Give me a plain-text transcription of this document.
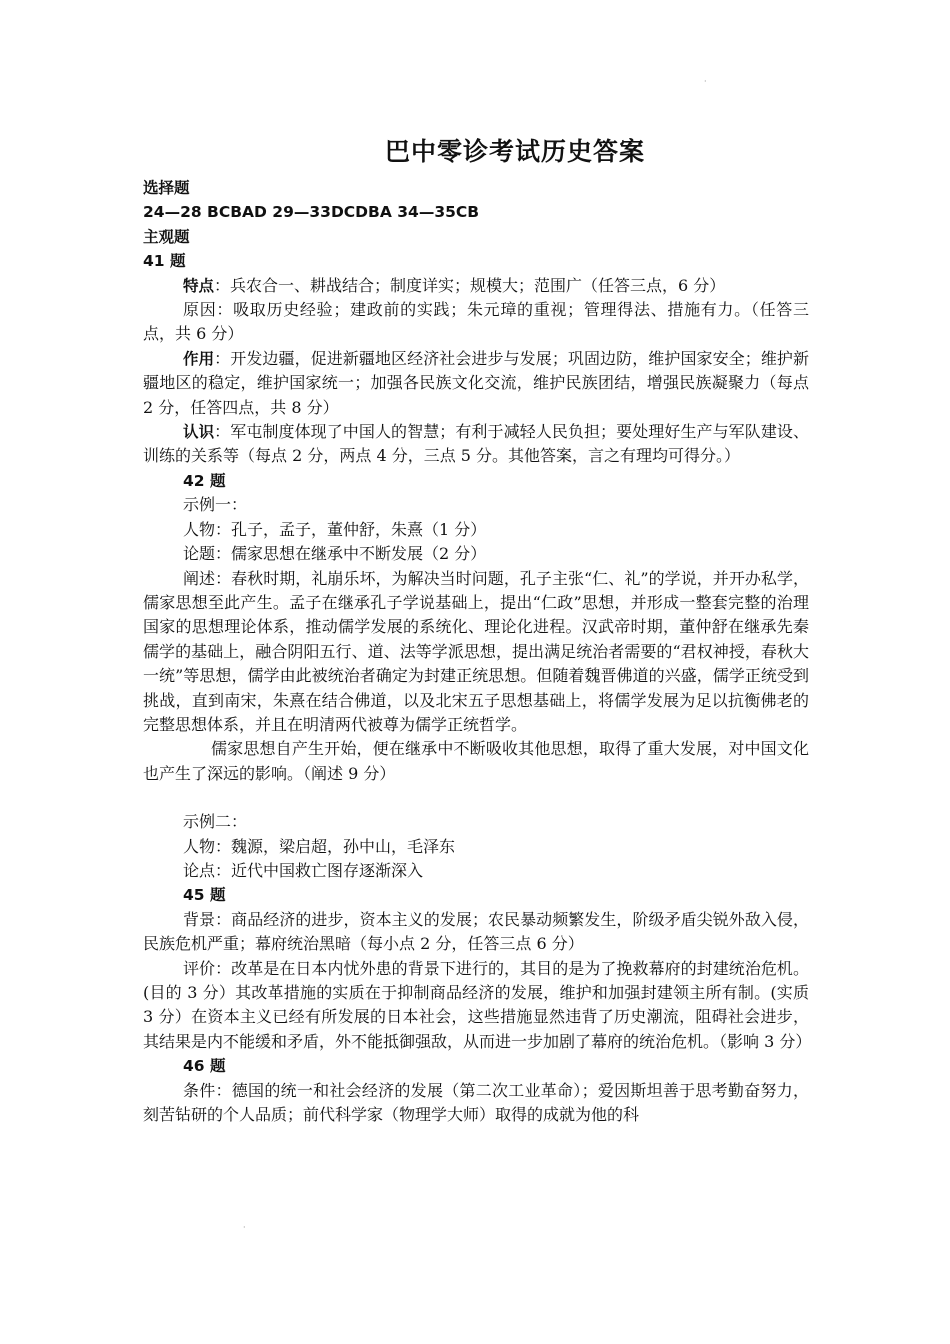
·
·
巴中零诊考试历史答案

选择题

24—28 BCBAD 29—33DCDBA 34—35CB

主观题

41 题

特点：兵农合一、耕战结合；制度详实；规模大；范围广（任答三点，6 分）

原因：吸取历史经验；建政前的实践；朱元璋的重视；管理得法、措施有力。（任答三点，共 6 分）

作用：开发边疆，促进新疆地区经济社会进步与发展；巩固边防，维护国家安全；维护新疆地区的稳定，维护国家统一；加强各民族文化交流，维护民族团结，增强民族凝聚力（每点 2 分，任答四点，共 8 分）

认识：军屯制度体现了中国人的智慧；有利于减轻人民负担；要处理好生产与军队建设、训练的关系等（每点 2 分，两点 4 分，三点 5 分。其他答案，言之有理均可得分。）

42 题

示例一：

人物：孔子，孟子，董仲舒，朱熹（1 分）

论题：儒家思想在继承中不断发展（2 分）

阐述：春秋时期，礼崩乐坏，为解决当时问题，孔子主张“仁、礼”的学说，并开办私学，儒家思想至此产生。孟子在继承孔子学说基础上，提出“仁政”思想，并形成一整套完整的治理国家的思想理论体系，推动儒学发展的系统化、理论化进程。汉武帝时期，董仲舒在继承先秦儒学的基础上，融合阴阳五行、道、法等学派思想，提出满足统治者需要的“君权神授，春秋大一统”等思想，儒学由此被统治者确定为封建正统思想。但随着魏晋佛道的兴盛，儒学正统受到挑战，直到南宋，朱熹在结合佛道，以及北宋五子思想基础上，将儒学发展为足以抗衡佛老的完整思想体系，并且在明清两代被尊为儒学正统哲学。

儒家思想自产生开始，便在继承中不断吸收其他思想，取得了重大发展，对中国文化也产生了深远的影响。（阐述 9 分）

示例二：

人物：魏源，梁启超，孙中山，毛泽东

论点：近代中国救亡图存逐渐深入

45 题

背景：商品经济的进步，资本主义的发展；农民暴动频繁发生，阶级矛盾尖锐外敌入侵，民族危机严重；幕府统治黑暗（每小点 2 分，任答三点 6 分）

评价：改革是在日本内忧外患的背景下进行的，其目的是为了挽救幕府的封建统治危机。(目的 3 分）其改革措施的实质在于抑制商品经济的发展，维护和加强封建领主所有制。(实质 3 分）在资本主义已经有所发展的日本社会，这些措施显然违背了历史潮流，阻碍社会进步，其结果是内不能缓和矛盾，外不能抵御强敌，从而进一步加剧了幕府的统治危机。（影响 3 分）

46 题

条件：德国的统一和社会经济的发展（第二次工业革命）；爱因斯坦善于思考勤奋努力，刻苦钻研的个人品质；前代科学家（物理学大师）取得的成就为他的科
